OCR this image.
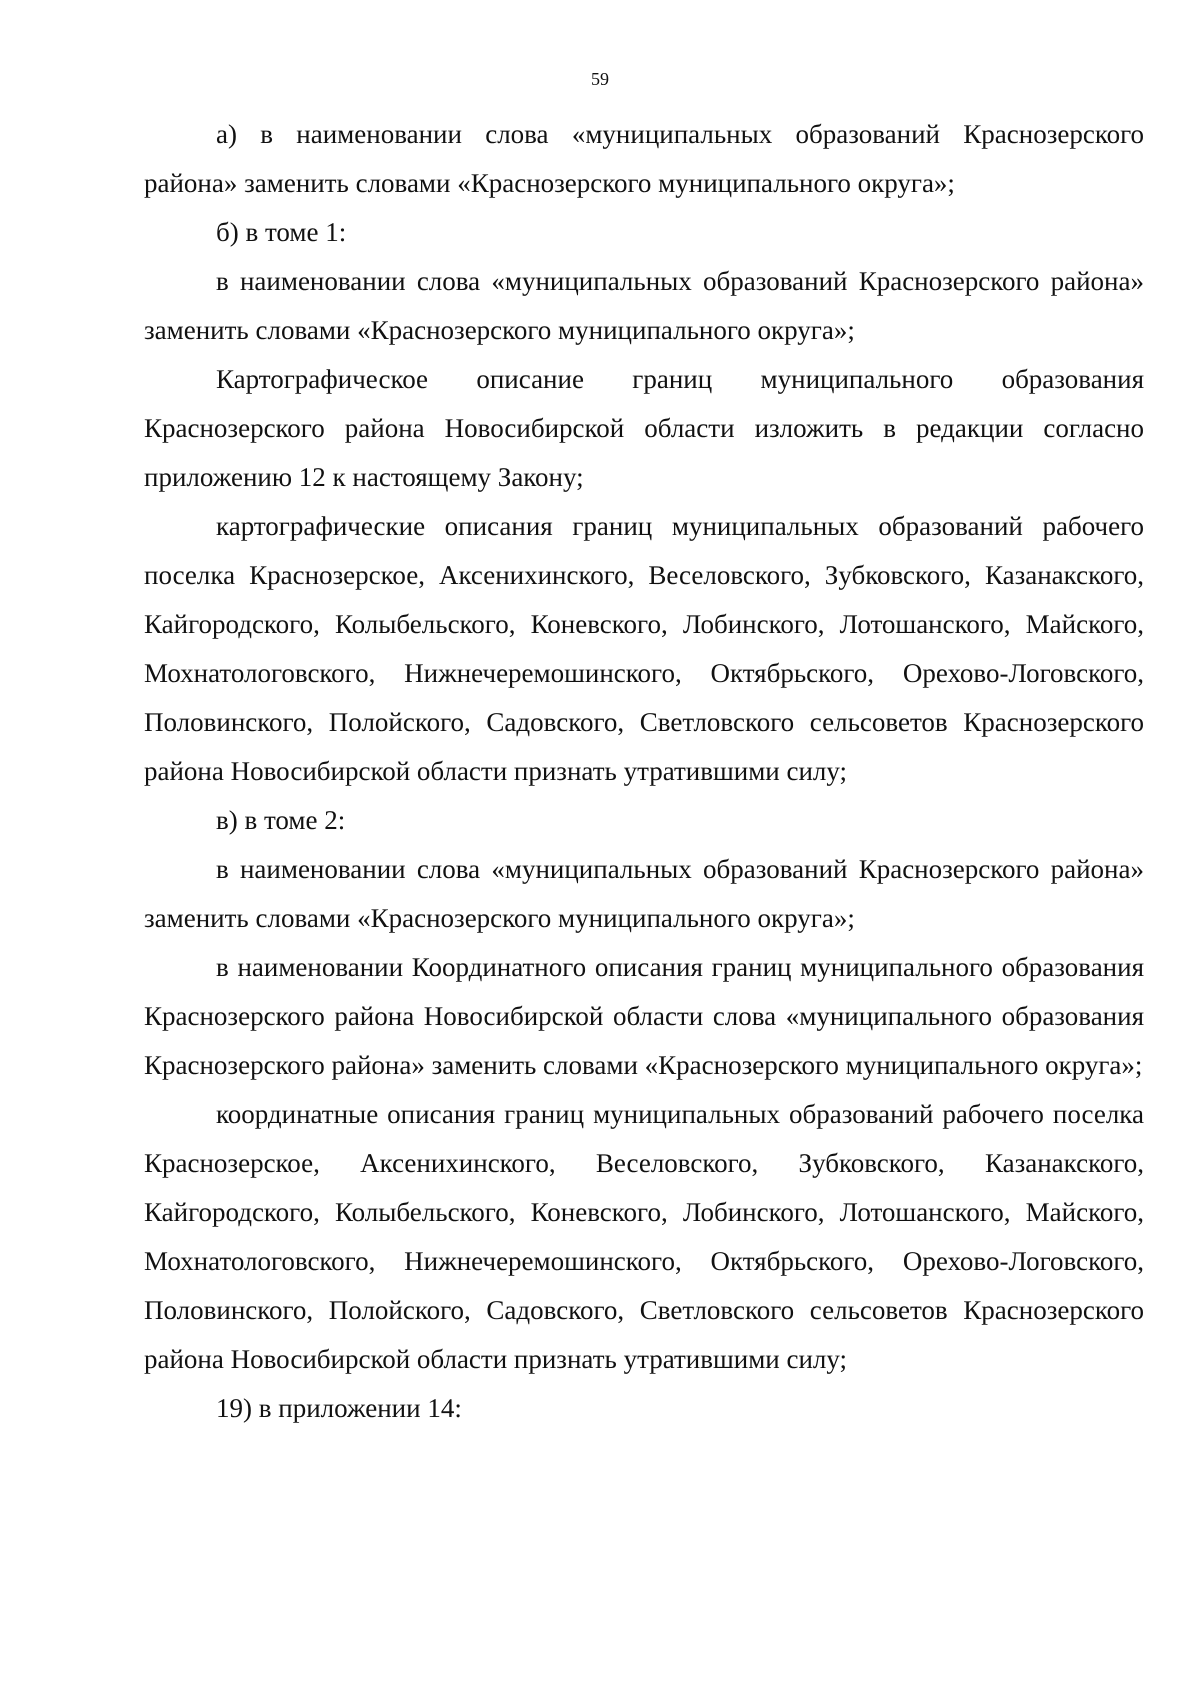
59

а) в наименовании слова «муниципальных образований Краснозерского района» заменить словами «Краснозерского муниципального округа»;

б) в томе 1:

в наименовании слова «муниципальных образований Краснозерского района» заменить словами «Краснозерского муниципального округа»;

Картографическое описание границ муниципального образования Краснозерского района Новосибирской области изложить в редакции согласно приложению 12 к настоящему Закону;

картографические описания границ муниципальных образований рабочего поселка Краснозерское, Аксенихинского, Веселовского, Зубковского, Казанакского, Кайгородского, Колыбельского, Коневского, Лобинского, Лотошанского, Майского, Мохнатологовского, Нижнечеремошинского, Октябрьского, Орехово-Логовского, Половинского, Полойского, Садовского, Светловского сельсоветов Краснозерского района Новосибирской области признать утратившими силу;

в) в томе 2:

в наименовании слова «муниципальных образований Краснозерского района» заменить словами «Краснозерского муниципального округа»;

в наименовании Координатного описания границ муниципального образования Краснозерского района Новосибирской области слова «муниципального образования Краснозерского района» заменить словами «Краснозерского муниципального округа»;

координатные описания границ муниципальных образований рабочего поселка Краснозерское, Аксенихинского, Веселовского, Зубковского, Казанакского, Кайгородского, Колыбельского, Коневского, Лобинского, Лотошанского, Майского, Мохнатологовского, Нижнечеремошинского, Октябрьского, Орехово-Логовского, Половинского, Полойского, Садовского, Светловского сельсоветов Краснозерского района Новосибирской области признать утратившими силу;

19) в приложении 14:
